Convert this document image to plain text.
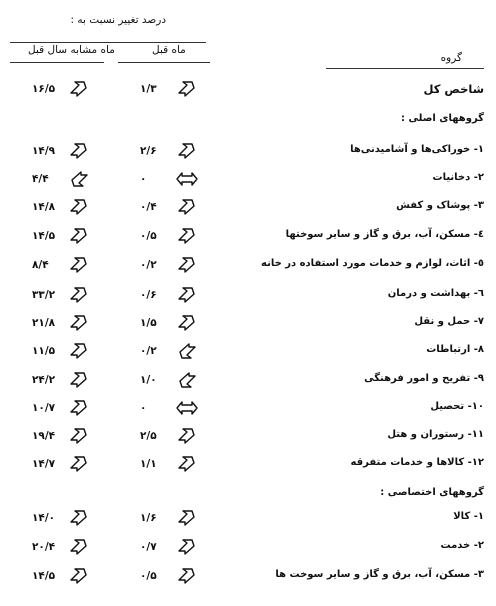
درصد تغییر نسبت به :
ماه قبل
ماه مشابه سال قبل
گروه
شاخص کل
۱/۳
۱۶/۵
گروههای اصلی :
۱- خوراکی‌ها و آشامیدنی‌ها
۲/۶
۱۴/۹
۲- دخانیات
۰
۴/۴
۳- پوشاک و کفش
۰/۴
۱۴/۸
٤- مسکن، آب، برق و گاز و سایر سوختها
۰/۵
۱۴/۵
٥- اثاث، لوازم و خدمات مورد استفاده در خانه
۰/۲
۸/۴
٦- بهداشت و درمان
۰/۶
۳۳/۲
۷- حمل و نقل
۱/۵
۲۱/۸
۸- ارتباطات
۰/۲
۱۱/۵
۹- تفریح و امور فرهنگی
۱/۰
۲۴/۲
۱۰- تحصیل
۰
۱۰/۷
۱۱- رستوران و هتل
۲/۵
۱۹/۴
۱۲- کالاها و خدمات متفرقه
۱/۱
۱۴/۷
گروههای اختصاصی :
۱- کالا
۱/۶
۱۴/۰
۲- خدمت
۰/۷
۲۰/۴
۳- مسکن، آب، برق و گاز و سایر سوخت ها
۰/۵
۱۴/۵
